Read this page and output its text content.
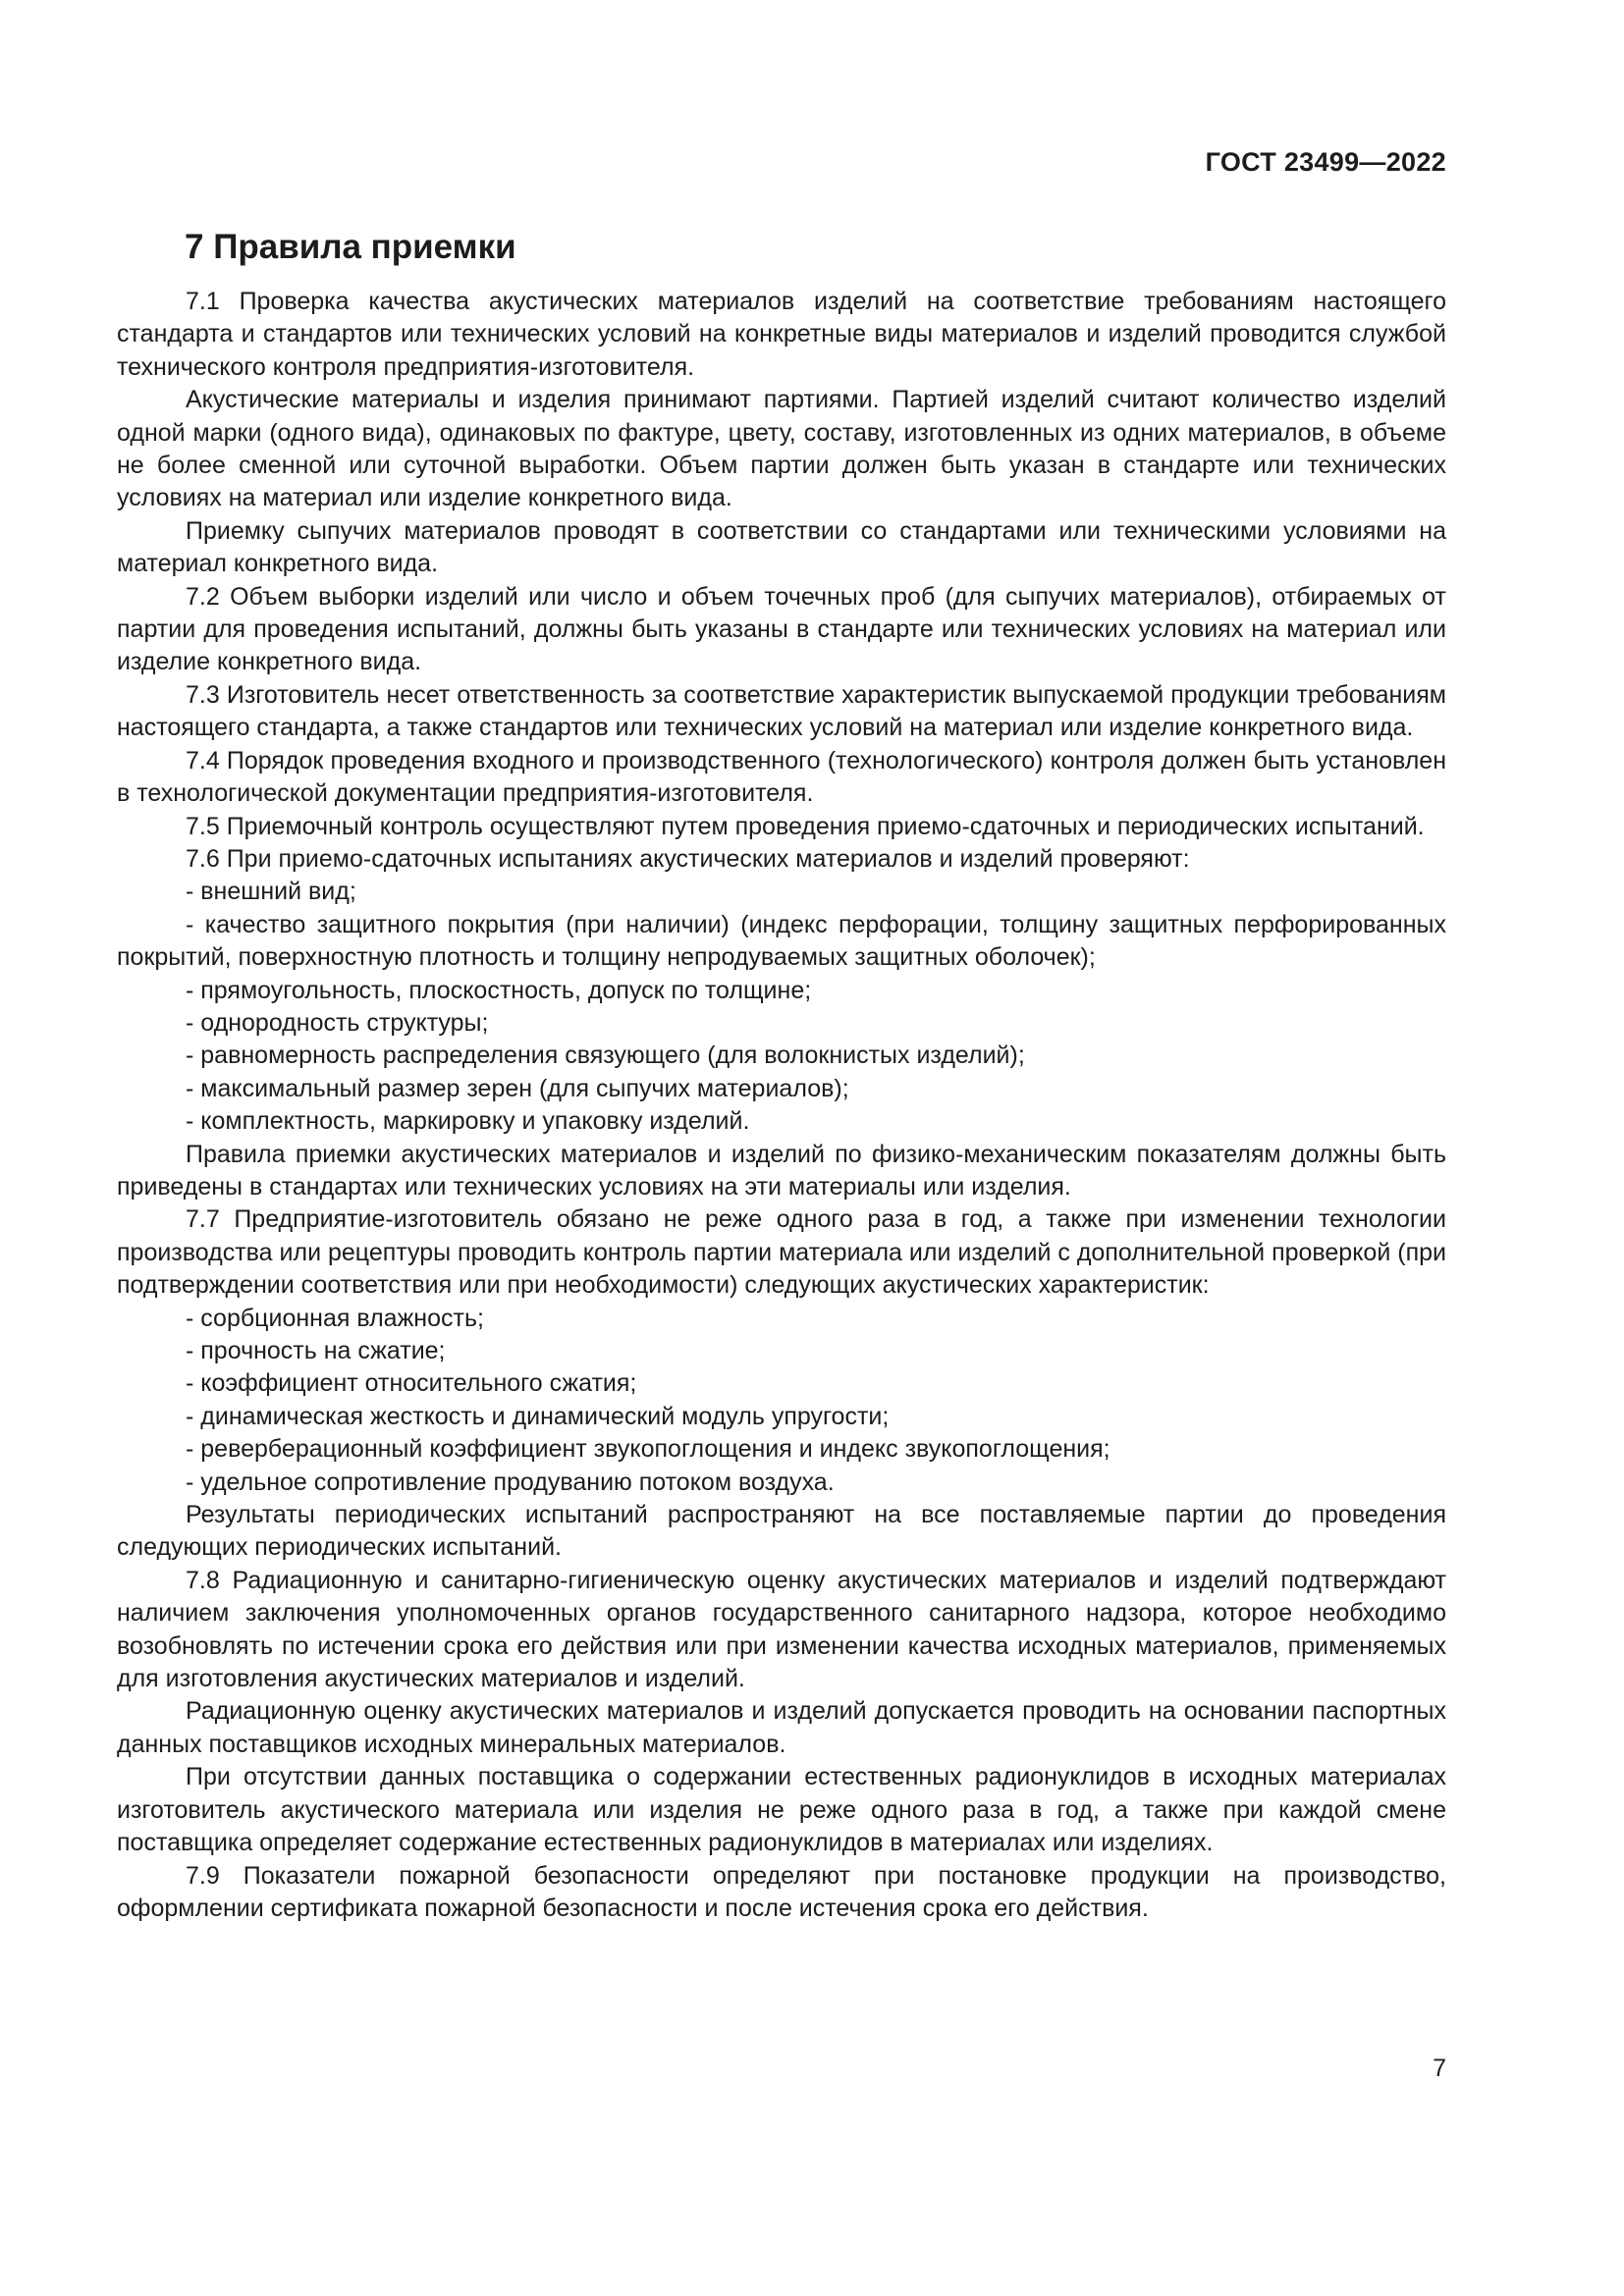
ГОСТ 23499—2022
7 Правила приемки

7.1 Проверка качества акустических материалов изделий на соответствие требованиям настоящего стандарта и стандартов или технических условий на конкретные виды материалов и изделий проводится службой технического контроля предприятия-изготовителя.

Акустические материалы и изделия принимают партиями. Партией изделий считают количество изделий одной марки (одного вида), одинаковых по фактуре, цвету, составу, изготовленных из одних материалов, в объеме не более сменной или суточной выработки. Объем партии должен быть указан в стандарте или технических условиях на материал или изделие конкретного вида.

Приемку сыпучих материалов проводят в соответствии со стандартами или техническими условиями на материал конкретного вида.

7.2 Объем выборки изделий или число и объем точечных проб (для сыпучих материалов), отбираемых от партии для проведения испытаний, должны быть указаны в стандарте или технических условиях на материал или изделие конкретного вида.

7.3 Изготовитель несет ответственность за соответствие характеристик выпускаемой продукции требованиям настоящего стандарта, а также стандартов или технических условий на материал или изделие конкретного вида.

7.4 Порядок проведения входного и производственного (технологического) контроля должен быть установлен в технологической документации предприятия-изготовителя.

7.5 Приемочный контроль осуществляют путем проведения приемо-сдаточных и периодических испытаний.

7.6 При приемо-сдаточных испытаниях акустических материалов и изделий проверяют:

- внешний вид;

- качество защитного покрытия (при наличии) (индекс перфорации, толщину защитных перфорированных покрытий, поверхностную плотность и толщину непродуваемых защитных оболочек);

- прямоугольность, плоскостность, допуск по толщине;

- однородность структуры;

- равномерность распределения связующего (для волокнистых изделий);

- максимальный размер зерен (для сыпучих материалов);

- комплектность, маркировку и упаковку изделий.

Правила приемки акустических материалов и изделий по физико-механическим показателям должны быть приведены в стандартах или технических условиях на эти материалы или изделия.

7.7 Предприятие-изготовитель обязано не реже одного раза в год, а также при изменении технологии производства или рецептуры проводить контроль партии материала или изделий с дополнительной проверкой (при подтверждении соответствия или при необходимости) следующих акустических характеристик:

- сорбционная влажность;

- прочность на сжатие;

- коэффициент относительного сжатия;

- динамическая жесткость и динамический модуль упругости;

- реверберационный коэффициент звукопоглощения и индекс звукопоглощения;

- удельное сопротивление продуванию потоком воздуха.

Результаты периодических испытаний распространяют на все поставляемые партии до проведения следующих периодических испытаний.

7.8 Радиационную и санитарно-гигиеническую оценку акустических материалов и изделий подтверждают наличием заключения уполномоченных органов государственного санитарного надзора, которое необходимо возобновлять по истечении срока его действия или при изменении качества исходных материалов, применяемых для изготовления акустических материалов и изделий.

Радиационную оценку акустических материалов и изделий допускается проводить на основании паспортных данных поставщиков исходных минеральных материалов.

При отсутствии данных поставщика о содержании естественных радионуклидов в исходных материалах изготовитель акустического материала или изделия не реже одного раза в год, а также при каждой смене поставщика определяет содержание естественных радионуклидов в материалах или изделиях.

7.9 Показатели пожарной безопасности определяют при постановке продукции на производство, оформлении сертификата пожарной безопасности и после истечения срока его действия.

7
